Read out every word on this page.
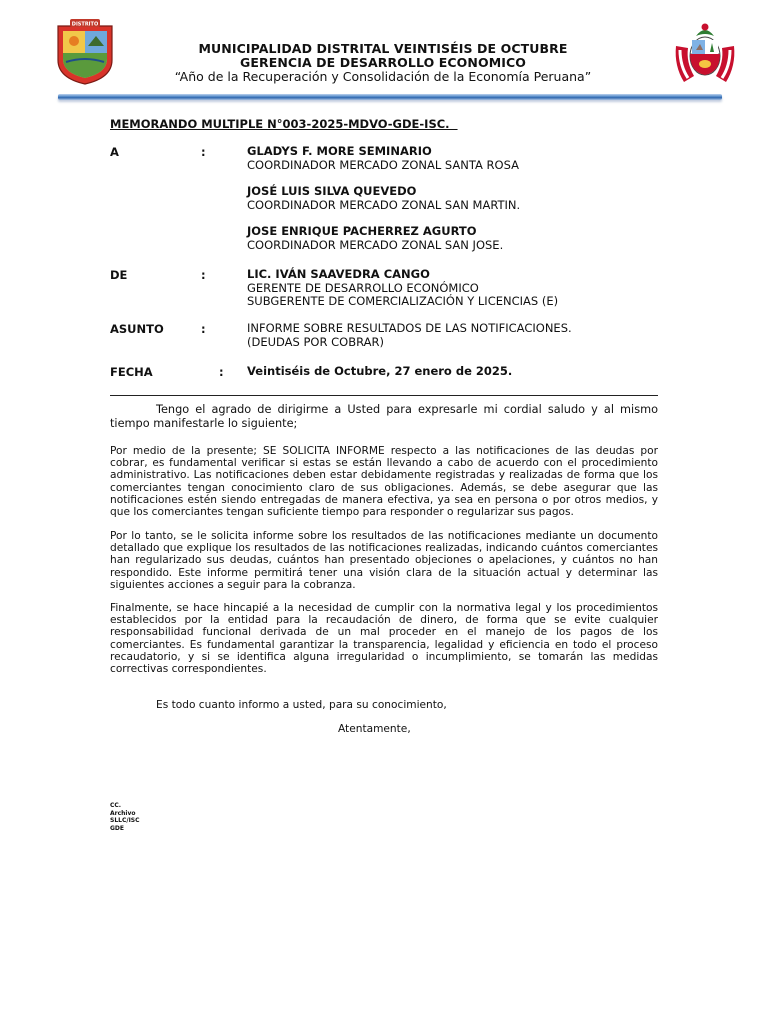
DISTRITO
MUNICIPALIDAD DISTRITAL VEINTISÉIS DE OCTUBRE
GERENCIA DE DESARROLLO ECONOMICO
“Año de la Recuperación y Consolidación de la Economía Peruana”
MEMORANDO MULTIPLE N°003-2025-MDVO-GDE-ISC.
A	:	GLADYS F. MORE SEMINARIO
COORDINADOR MERCADO ZONAL SANTA ROSA
JOSÉ LUIS SILVA QUEVEDO
COORDINADOR MERCADO ZONAL SAN MARTIN.
JOSE ENRIQUE PACHERREZ AGURTO
COORDINADOR MERCADO ZONAL SAN JOSE.
DE	:	LIC. IVÁN SAAVEDRA CANGO
GERENTE DE DESARROLLO ECONÓMICO
SUBGERENTE DE COMERCIALIZACIÓN Y LICENCIAS (E)
ASUNTO	:	INFORME SOBRE RESULTADOS DE LAS NOTIFICACIONES.
(DEUDAS POR COBRAR)
FECHA	: Veintiséis de Octubre, 27 enero de 2025.
Tengo el agrado de dirigirme a Usted para expresarle mi cordial saludo y al mismo tiempo manifestarle lo siguiente;
Por medio de la presente; SE SOLICITA INFORME respecto a las notificaciones de las deudas por cobrar, es fundamental verificar si estas se están llevando a cabo de acuerdo con el procedimiento administrativo. Las notificaciones deben estar debidamente registradas y realizadas de forma que los comerciantes tengan conocimiento claro de sus obligaciones. Además, se debe asegurar que las notificaciones estén siendo entregadas de manera efectiva, ya sea en persona o por otros medios, y que los comerciantes tengan suficiente tiempo para responder o regularizar sus pagos.
Por lo tanto, se le solicita informe sobre los resultados de las notificaciones mediante un documento detallado que explique los resultados de las notificaciones realizadas, indicando cuántos comerciantes han regularizado sus deudas, cuántos han presentado objeciones o apelaciones, y cuántos no han respondido. Este informe permitirá tener una visión clara de la situación actual y determinar las siguientes acciones a seguir para la cobranza.
Finalmente, se hace hincapié a la necesidad de cumplir con la normativa legal y los procedimientos establecidos por la entidad para la recaudación de dinero, de forma que se evite cualquier responsabilidad funcional derivada de un mal proceder en el manejo de los pagos de los comerciantes. Es fundamental garantizar la transparencia, legalidad y eficiencia en todo el proceso recaudatorio, y si se identifica alguna irregularidad o incumplimiento, se tomarán las medidas correctivas correspondientes.
Es todo cuanto informo a usted, para su conocimiento,
Atentamente,
CC.
Archivo
SLLC/ISC
GDE
